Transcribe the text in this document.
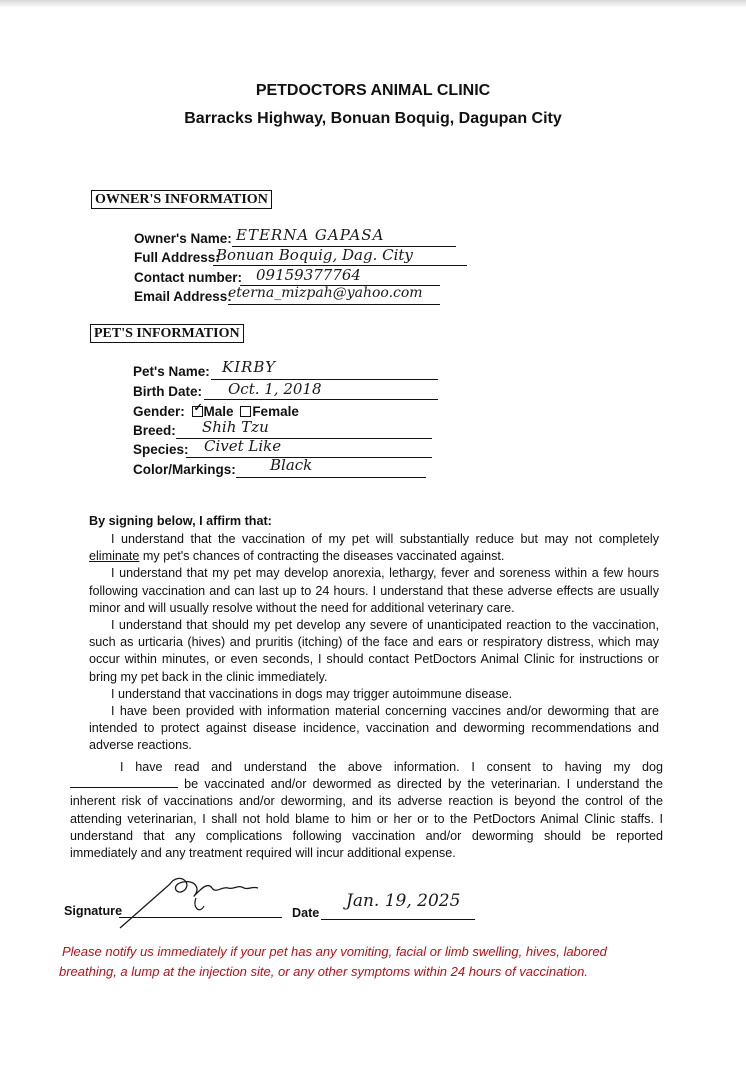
PETDOCTORS ANIMAL CLINIC
Barracks Highway, Bonuan Boquig, Dagupan City
OWNER'S INFORMATION
Owner's Name: ETERNA GAPASA
Full Address:
Bonuan Boquig, Dag. City
Contact number: 09159377764
Email Address:
eterna_mizpah@yahoo.com
PET'S INFORMATION
Pet's Name: KIRBY
Birth Date: Oct. 1, 2018
Gender: ✓ Male Female
Breed: Shih Tzu
Species: Civet Like
Color/Markings: Black
By signing below, I affirm that:

I understand that the vaccination of my pet will substantially reduce but may not completely eliminate my pet's chances of contracting the diseases vaccinated against.

I understand that my pet may develop anorexia, lethargy, fever and soreness within a few hours following vaccination and can last up to 24 hours. I understand that these adverse effects are usually minor and will usually resolve without the need for additional veterinary care.

I understand that should my pet develop any severe of unanticipated reaction to the vaccination, such as urticaria (hives) and pruritis (itching) of the face and ears or respiratory distress, which may occur within minutes, or even seconds, I should contact PetDoctors Animal Clinic for instructions or bring my pet back in the clinic immediately.

I understand that vaccinations in dogs may trigger autoimmune disease.

I have been provided with information material concerning vaccines and/or deworming that are intended to protect against disease incidence, vaccination and deworming recommendations and adverse reactions.

I have read and understand the above information. I consent to having my dog  be vaccinated and/or dewormed as directed by the veterinarian. I understand the inherent risk of vaccinations and/or deworming, and its adverse reaction is beyond the control of the attending veterinarian, I shall not hold blame to him or her or to the PetDoctors Animal Clinic staffs. I understand that any complications following vaccination and/or deworming should be reported immediately and any treatment required will incur additional expense.

Signature	Date
Jan. 19, 2025
Please notify us immediately if your pet has any vomiting, facial or limb swelling, hives, labored
breathing, a lump at the injection site, or any other symptoms within 24 hours of vaccination.
